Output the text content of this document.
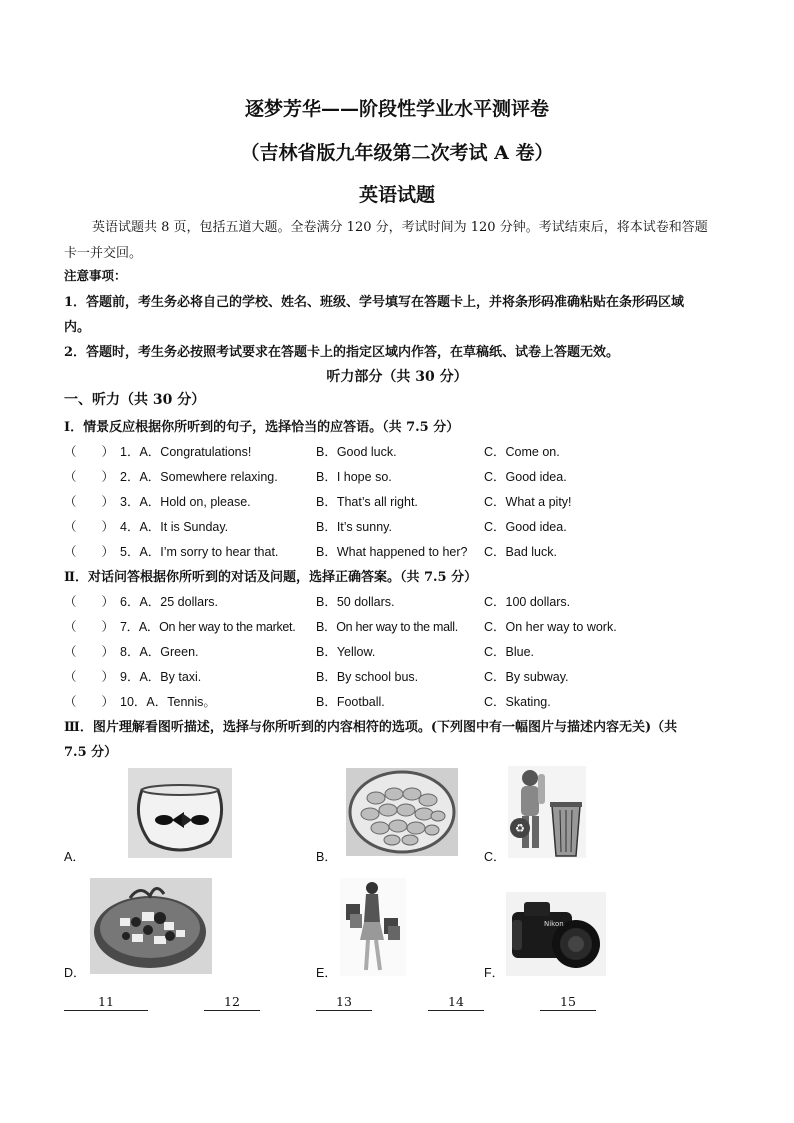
逐梦芳华——阶段性学业水平测评卷
（吉林省版九年级第二次考试 A 卷）
英语试题
英语试题共 8 页，包括五道大题。全卷满分 120 分，考试时间为 120 分钟。考试结束后，将本试卷和答题
卡一并交回。
注意事项：
1．答题前，考生务必将自己的学校、姓名、班级、学号填写在答题卡上，并将条形码准确粘贴在条形码区域
内。
2．答题时，考生务必按照考试要求在答题卡上的指定区域内作答，在草稿纸、试卷上答题无效。
听力部分（共 30 分）
一、听力（共 30 分）
Ⅰ．情景反应根据你所听到的句子，选择恰当的应答语。（共 7.5 分）
（　　） 1．A．Congratulations!	B．Good luck.	C．Come on.
（　　） 2．A．Somewhere relaxing.	B．I hope so.	C．Good idea.
（　　） 3．A．Hold on, please.	B．That’s all right.	C．What a pity!
（　　） 4．A．It is Sunday.	B．It’s sunny.	C．Good idea.
（　　） 5．A．I’m sorry to hear that.	B．What happened to her? C．Bad luck.
Ⅱ．对话问答根据你所听到的对话及问题，选择正确答案。（共 7.5 分）
（　　） 6．A．25 dollars.	B．50 dollars.	C．100 dollars.
（　　） 7．A．On her way to the market. B．On her way to the mall. C．On her way to work.
（　　） 8．A．Green.	B．Yellow.	C．Blue.
（　　） 9．A．By taxi.	B．By school bus.	C．By subway.
（　　） 10．A．Tennis。	B．Football.	C．Skating.
Ⅲ．图片理解看图听描述，选择与你所听到的内容相符的选项。(下列图中有一幅图片与描述内容无关)（共
7.5 分）
A．	B．	C．
♻
D．	E．	F．
Nikon
11	12	13	14	15
